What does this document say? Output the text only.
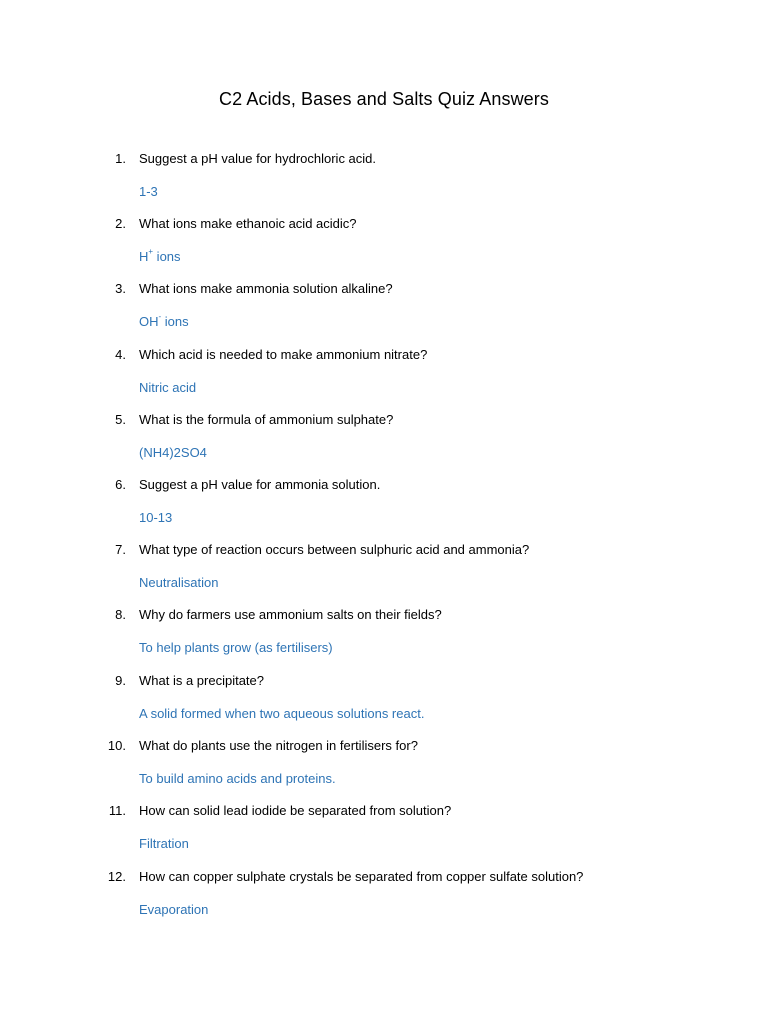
C2 Acids, Bases and Salts Quiz Answers
1. Suggest a pH value for hydrochloric acid.
1-3
2. What ions make ethanoic acid acidic?
H+ ions
3. What ions make ammonia solution alkaline?
OH- ions
4. Which acid is needed to make ammonium nitrate?
Nitric acid
5. What is the formula of ammonium sulphate?
(NH4)2SO4
6. Suggest a pH value for ammonia solution.
10-13
7. What type of reaction occurs between sulphuric acid and ammonia?
Neutralisation
8. Why do farmers use ammonium salts on their fields?
To help plants grow (as fertilisers)
9. What is a precipitate?
A solid formed when two aqueous solutions react.
10. What do plants use the nitrogen in fertilisers for?
To build amino acids and proteins.
11. How can solid lead iodide be separated from solution?
Filtration
12. How can copper sulphate crystals be separated from copper sulfate solution?
Evaporation
